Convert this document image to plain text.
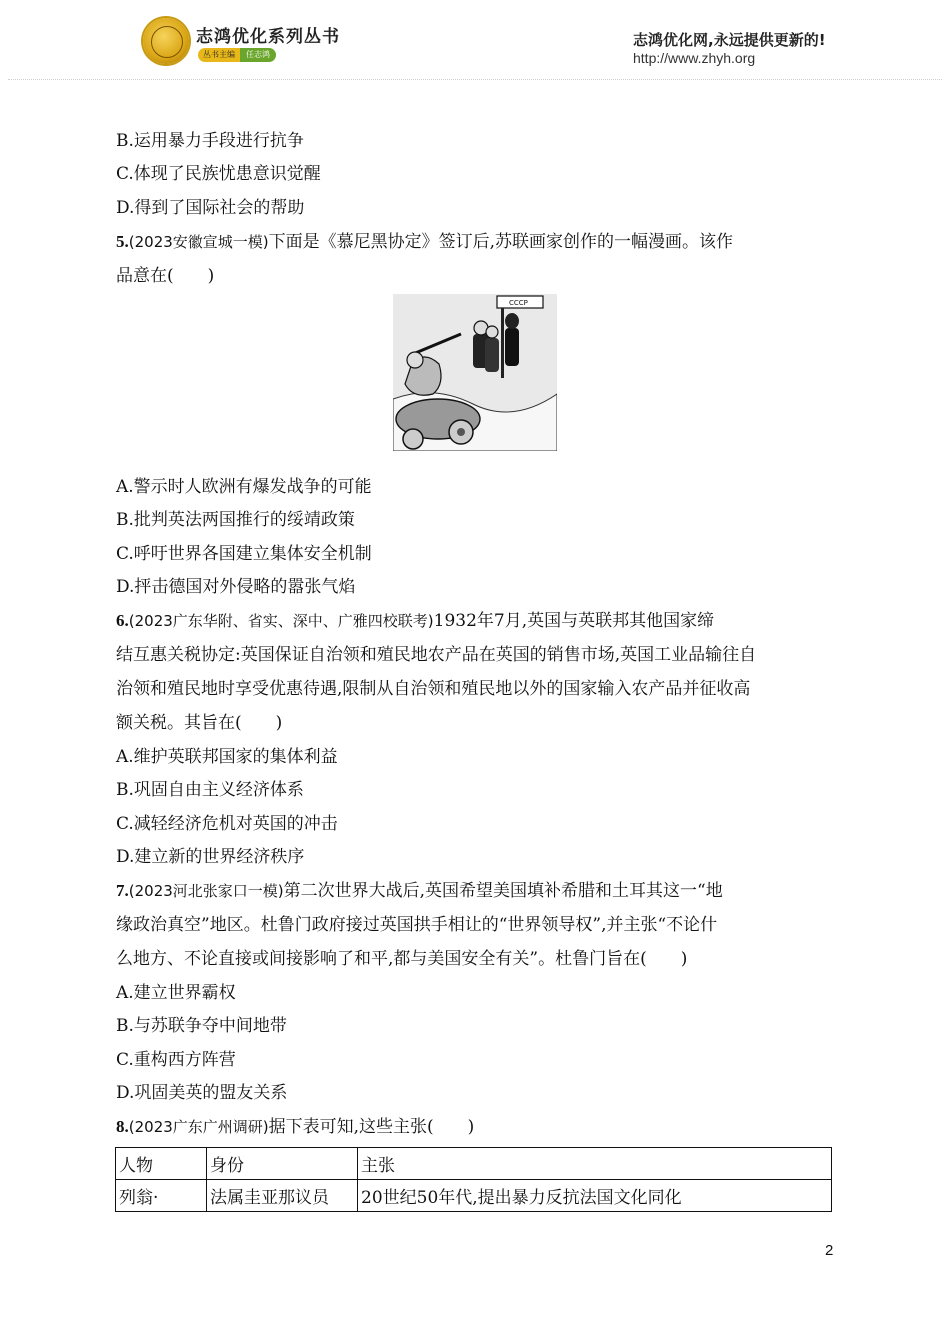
志鸿优化系列丛书
丛书主编	任志鸿
志鸿优化网,永远提供更新的!
http://www.zhyh.org
B.运用暴力手段进行抗争
C.体现了民族忧患意识觉醒
D.得到了国际社会的帮助
5.(2023安徽宣城一模)下面是《慕尼黑协定》签订后,苏联画家创作的一幅漫画。该作
品意在(　　)
CCCP
A.警示时人欧洲有爆发战争的可能
B.批判英法两国推行的绥靖政策
C.呼吁世界各国建立集体安全机制
D.抨击德国对外侵略的嚣张气焰
6.(2023广东华附、省实、深中、广雅四校联考)1932年7月,英国与英联邦其他国家缔
结互惠关税协定:英国保证自治领和殖民地农产品在英国的销售市场,英国工业品输往自
治领和殖民地时享受优惠待遇,限制从自治领和殖民地以外的国家输入农产品并征收高
额关税。其旨在(　　)
A.维护英联邦国家的集体利益
B.巩固自由主义经济体系
C.减轻经济危机对英国的冲击
D.建立新的世界经济秩序
7.(2023河北张家口一模)第二次世界大战后,英国希望美国填补希腊和土耳其这一“地
缘政治真空”地区。杜鲁门政府接过英国拱手相让的“世界领导权”,并主张“不论什
么地方、不论直接或间接影响了和平,都与美国安全有关”。杜鲁门旨在(　　)
A.建立世界霸权
B.与苏联争夺中间地带
C.重构西方阵营
D.巩固美英的盟友关系
8.(2023广东广州调研)据下表可知,这些主张(　　)
人物	身份	主张
列翁·	法属圭亚那议员	20世纪50年代,提出暴力反抗法国文化同化
2
